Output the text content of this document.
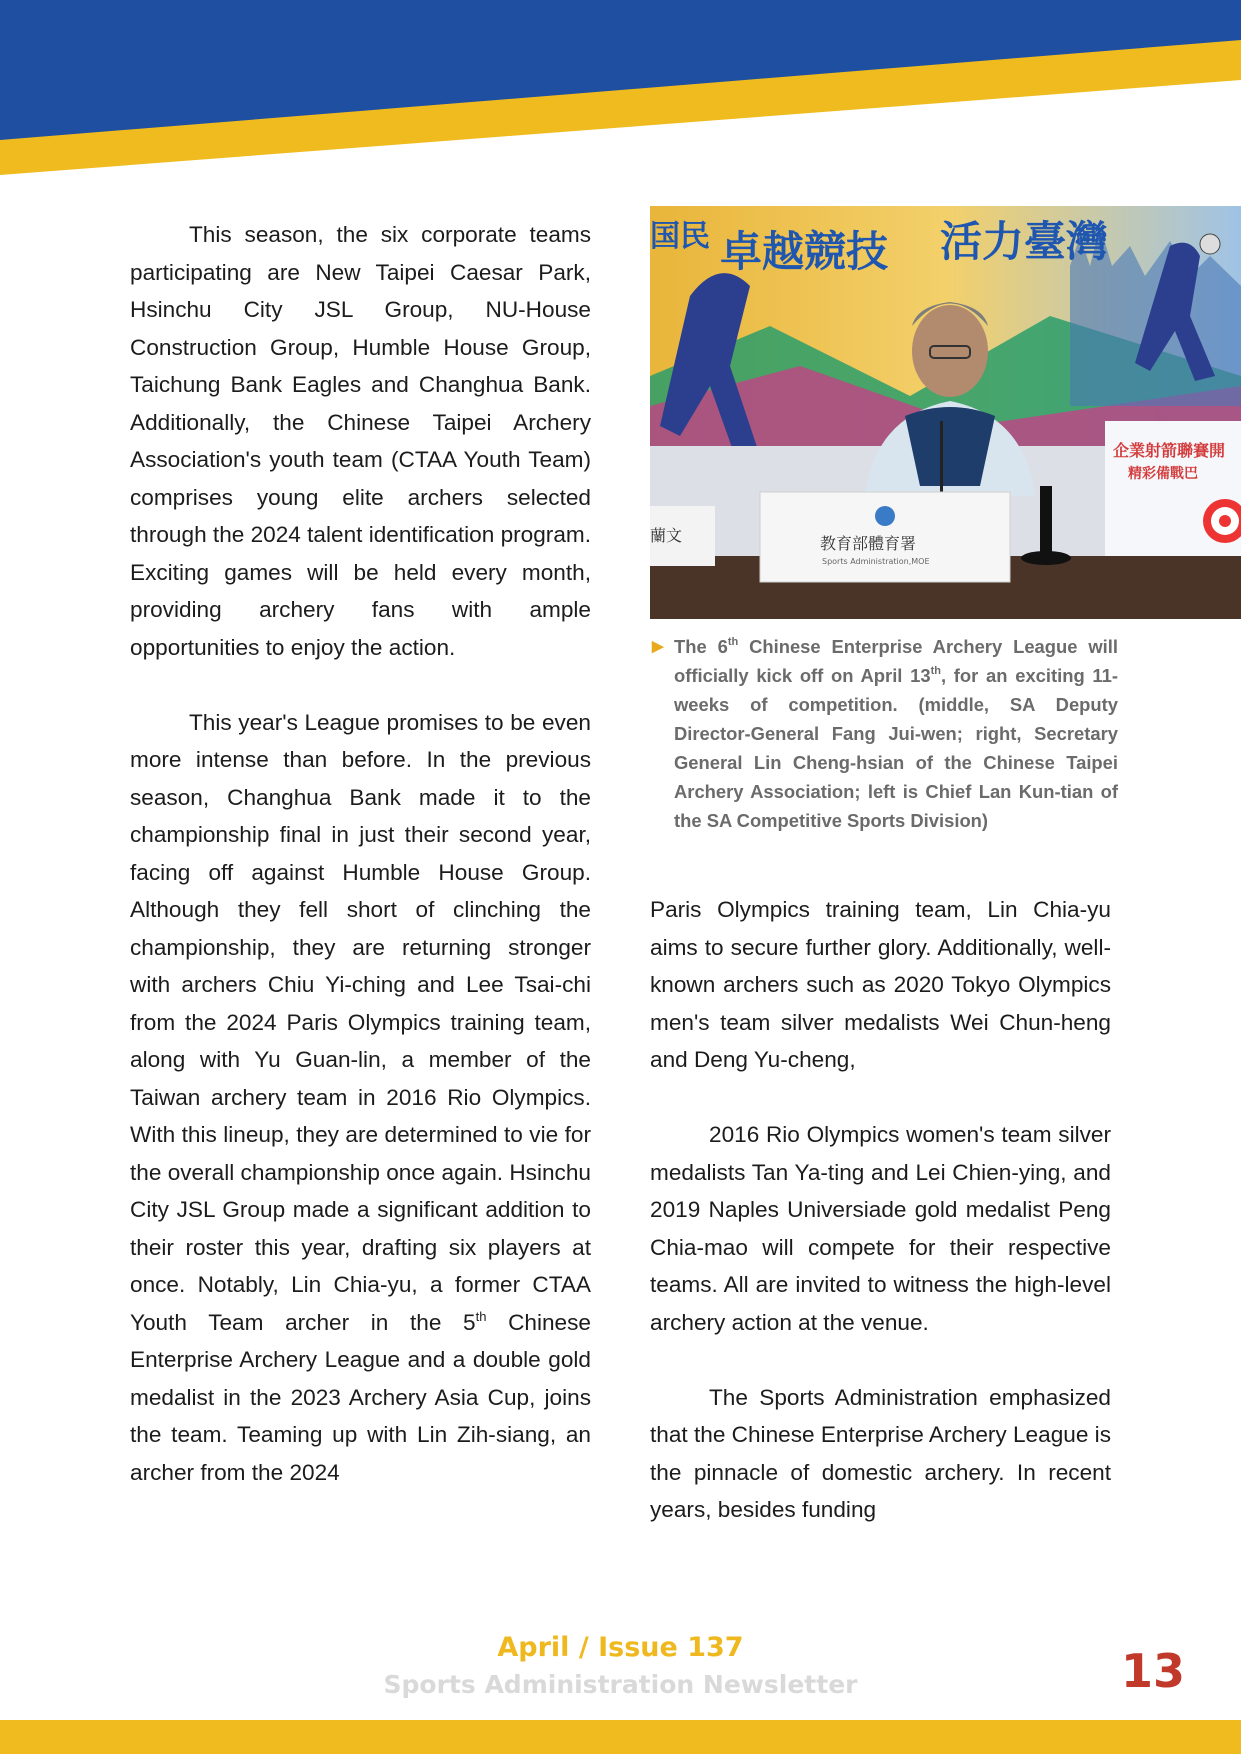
This season, the six corporate teams participating are New Taipei Caesar Park, Hsinchu City JSL Group, NU-House Construction Group, Humble House Group, Taichung Bank Eagles and Changhua Bank. Additionally, the Chinese Taipei Archery Association's youth team (CTAA Youth Team) comprises young elite archers selected through the 2024 talent identification program. Exciting games will be held every month, providing archery fans with ample opportunities to enjoy the action.

This year's League promises to be even more intense than before. In the previous season, Changhua Bank made it to the championship final in just their second year, facing off against Humble House Group. Although they fell short of clinching the championship, they are returning stronger with archers Chiu Yi-ching and Lee Tsai-chi from the 2024 Paris Olympics training team, along with Yu Guan-lin, a member of the Taiwan archery team in 2016 Rio Olympics. With this lineup, they are determined to vie for the overall championship once again. Hsinchu City JSL Group made a significant addition to their roster this year, drafting six players at once. Notably, Lin Chia-yu, a former CTAA Youth Team archer in the 5th Chinese Enterprise Archery League and a double gold medalist in the 2023 Archery Asia Cup, joins the team. Teaming up with Lin Zih-siang, an archer from the 2024

卓越競技 活力臺灣
国民
教育部體育署
Sports Administration,MOE
蘭文
企業射箭聯賽開
精彩備戰巴
▶ The 6th Chinese Enterprise Archery League will officially kick off on April 13th, for an exciting 11-weeks of competition. (middle, SA Deputy Director-General Fang Jui-wen; right, Secretary General Lin Cheng-hsian of the Chinese Taipei Archery Association; left is Chief Lan Kun-tian of the SA Competitive Sports Division)

Paris Olympics training team, Lin Chia-yu aims to secure further glory. Additionally, well-known archers such as 2020 Tokyo Olympics men's team silver medalists Wei Chun-heng and Deng Yu-cheng,

2016 Rio Olympics women's team silver medalists Tan Ya-ting and Lei Chien-ying, and 2019 Naples Universiade gold medalist Peng Chia-mao will compete for their respective teams. All are invited to witness the high-level archery action at the venue.

The Sports Administration emphasized that the Chinese Enterprise Archery League is the pinnacle of domestic archery. In recent years, besides funding

April / Issue 137
Sports Administration Newsletter	13
